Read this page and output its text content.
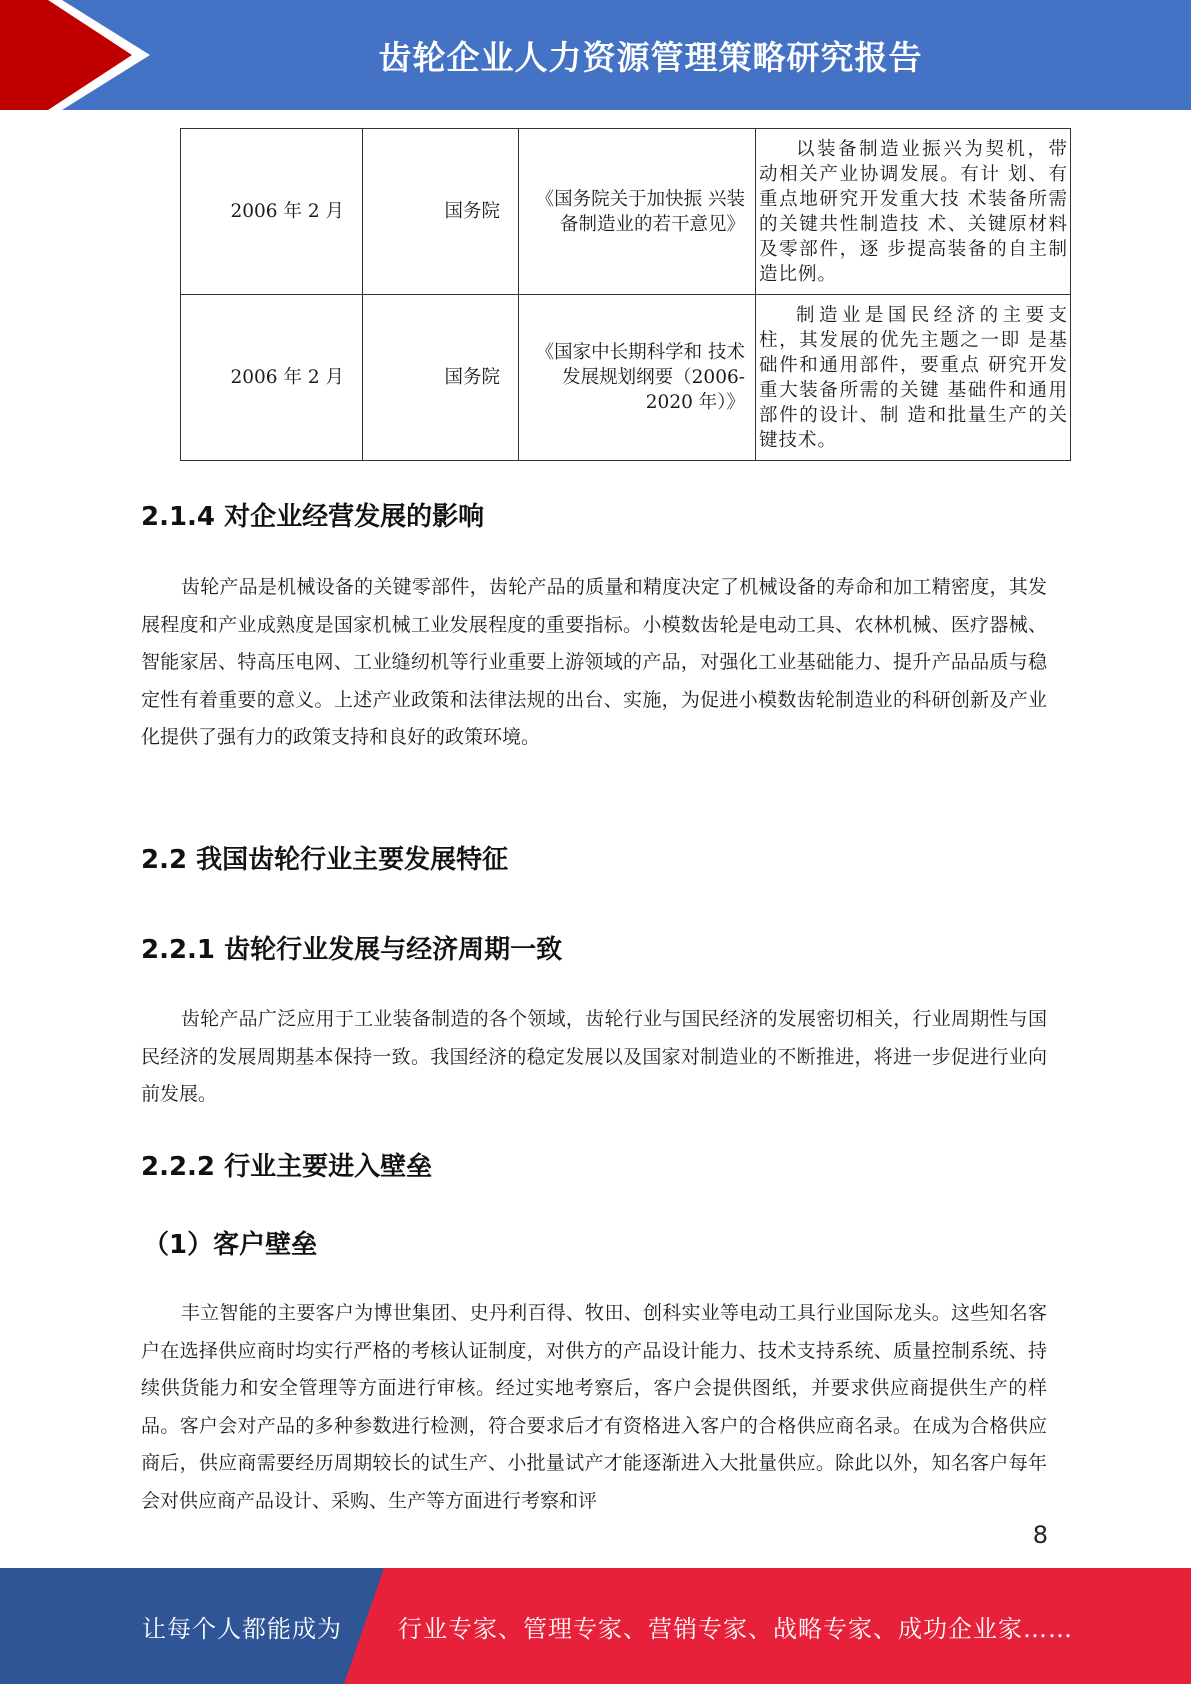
齿轮企业人力资源管理策略研究报告
2006 年 2 月	国务院	《国务院关于加快振 兴装备制造业的若干意见》	以装备制造业振兴为契机，带动相关产业协调发展。有计 划、有重点地研究开发重大技 术装备所需的关键共性制造技 术、关键原材料及零部件，逐 步提高装备的自主制造比例。
2006 年 2 月	国务院	《国家中长期科学和 技术发展规划纲要（2006-2020 年）》	制造业是国民经济的主要支柱，其发展的优先主题之一即 是基础件和通用部件，要重点 研究开发重大装备所需的关键 基础件和通用部件的设计、制 造和批量生产的关键技术。
2.1.4 对企业经营发展的影响

齿轮产品是机械设备的关键零部件，齿轮产品的质量和精度决定了机械设备的寿命和加工精密度，其发展程度和产业成熟度是国家机械工业发展程度的重要指标。小模数齿轮是电动工具、农林机械、医疗器械、智能家居、特高压电网、工业缝纫机等行业重要上游领域的产品，对强化工业基础能力、提升产品品质与稳定性有着重要的意义。上述产业政策和法律法规的出台、实施，为促进小模数齿轮制造业的科研创新及产业化提供了强有力的政策支持和良好的政策环境。

2.2 我国齿轮行业主要发展特征
2.2.1 齿轮行业发展与经济周期一致

齿轮产品广泛应用于工业装备制造的各个领域，齿轮行业与国民经济的发展密切相关，行业周期性与国民经济的发展周期基本保持一致。我国经济的稳定发展以及国家对制造业的不断推进，将进一步促进行业向前发展。

2.2.2 行业主要进入壁垒
（1）客户壁垒

丰立智能的主要客户为博世集团、史丹利百得、牧田、创科实业等电动工具行业国际龙头。这些知名客户在选择供应商时均实行严格的考核认证制度，对供方的产品设计能力、技术支持系统、质量控制系统、持续供货能力和安全管理等方面进行审核。经过实地考察后，客户会提供图纸，并要求供应商提供生产的样品。客户会对产品的多种参数进行检测，符合要求后才有资格进入客户的合格供应商名录。在成为合格供应商后，供应商需要经历周期较长的试生产、小批量试产才能逐渐进入大批量供应。除此以外，知名客户每年会对供应商产品设计、采购、生产等方面进行考察和评

8
让每个人都能成为 行业专家、管理专家、营销专家、战略专家、成功企业家……
